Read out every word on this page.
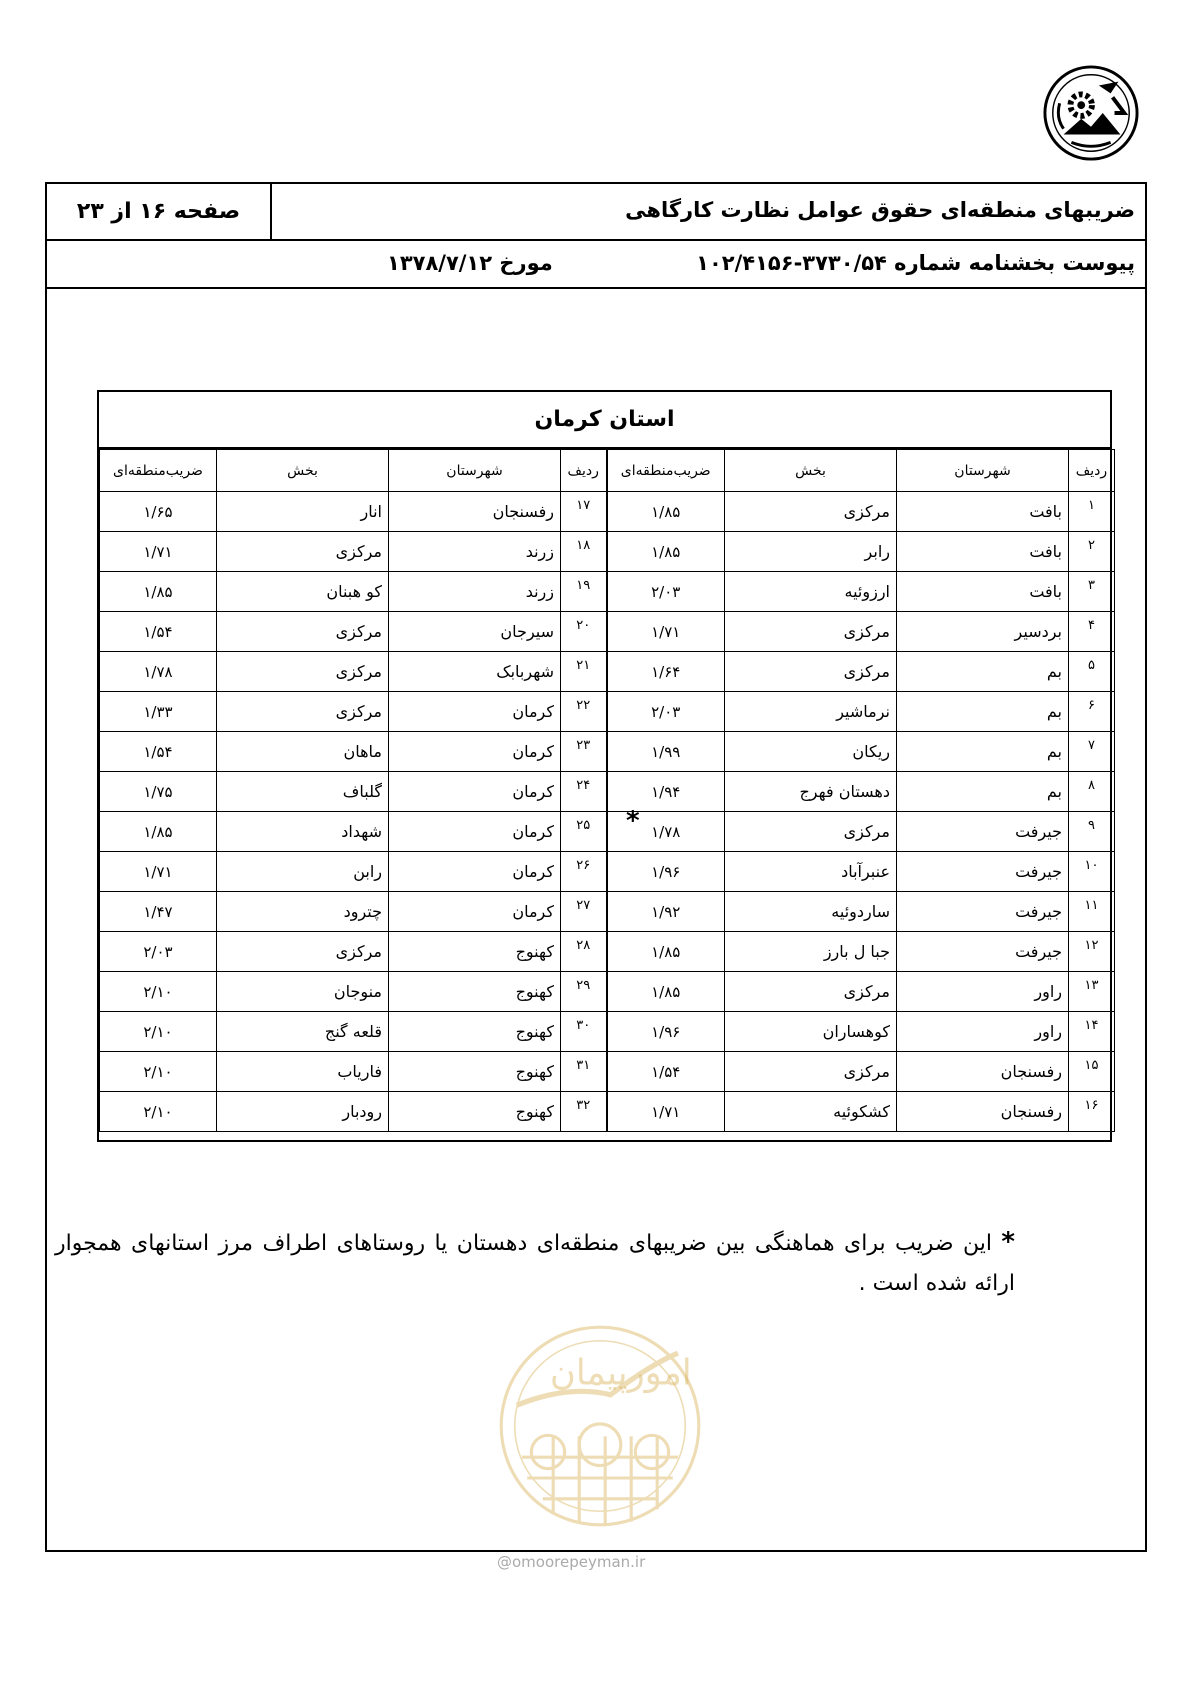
صفحه ۱۶ از ۲۳	ضریبهای منطقه‌ای حقوق عوامل نظارت کارگاهی
پیوست بخشنامه شماره ۳۷۳۰/۵۴-۱۰۲/۴۱۵۶
مورخ ۱۳۷۸/۷/۱۲
استان کرمان
ردیف	شهرستان	بخش	ضریب‌منطقه‌ای	ردیف	شهرستان	بخش	ضریب‌منطقه‌ای
۱	بافت	مرکزی	۱/۸۵	۱۷	رفسنجان	انار	۱/۶۵
۲	بافت	رابر	۱/۸۵	۱۸	زرند	مرکزی	۱/۷۱
۳	بافت	ارزوئیه	۲/۰۳	۱۹	زرند	کو هبنان	۱/۸۵
۴	بردسیر	مرکزی	۱/۷۱	۲۰	سیرجان	مرکزی	۱/۵۴
۵	بم	مرکزی	۱/۶۴	۲۱	شهربابک	مرکزی	۱/۷۸
۶	بم	نرماشیر	۲/۰۳	۲۲	کرمان	مرکزی	۱/۳۳
۷	بم	ریکان	۱/۹۹	۲۳	کرمان	ماهان	۱/۵۴
۸	بم	دهستان فهرج	۱/۹۴	۲۴	کرمان	گلباف	۱/۷۵
۹	جیرفت	مرکزی	۱/۷۸	۲۵	کرمان	شهداد	۱/۸۵
۱۰	جیرفت	عنبرآباد	۱/۹۶	۲۶	کرمان	رابن	۱/۷۱
۱۱	جیرفت	ساردوئیه	۱/۹۲	۲۷	کرمان	چترود	۱/۴۷
۱۲	جیرفت	جبا ل بارز	۱/۸۵	۲۸	کهنوج	مرکزی	۲/۰۳
۱۳	راور	مرکزی	۱/۸۵	۲۹	کهنوج	منوجان	۲/۱۰
۱۴	راور	کوهساران	۱/۹۶	۳۰	کهنوج	قلعه گنج	۲/۱۰
۱۵	رفسنجان	مرکزی	۱/۵۴	۳۱	کهنوج	فاریاب	۲/۱۰
۱۶	رفسنجان	کشکوئیه	۱/۷۱	۳۲	کهنوج	رودبار	۲/۱۰
*
* این ضریب برای هماهنگی بین ضریبهای منطقه‌ای دهستان یا روستاهای اطراف مرز استانهای همجوار ارائه شده است .
امورپیمان
@omoorepeyman.ir
